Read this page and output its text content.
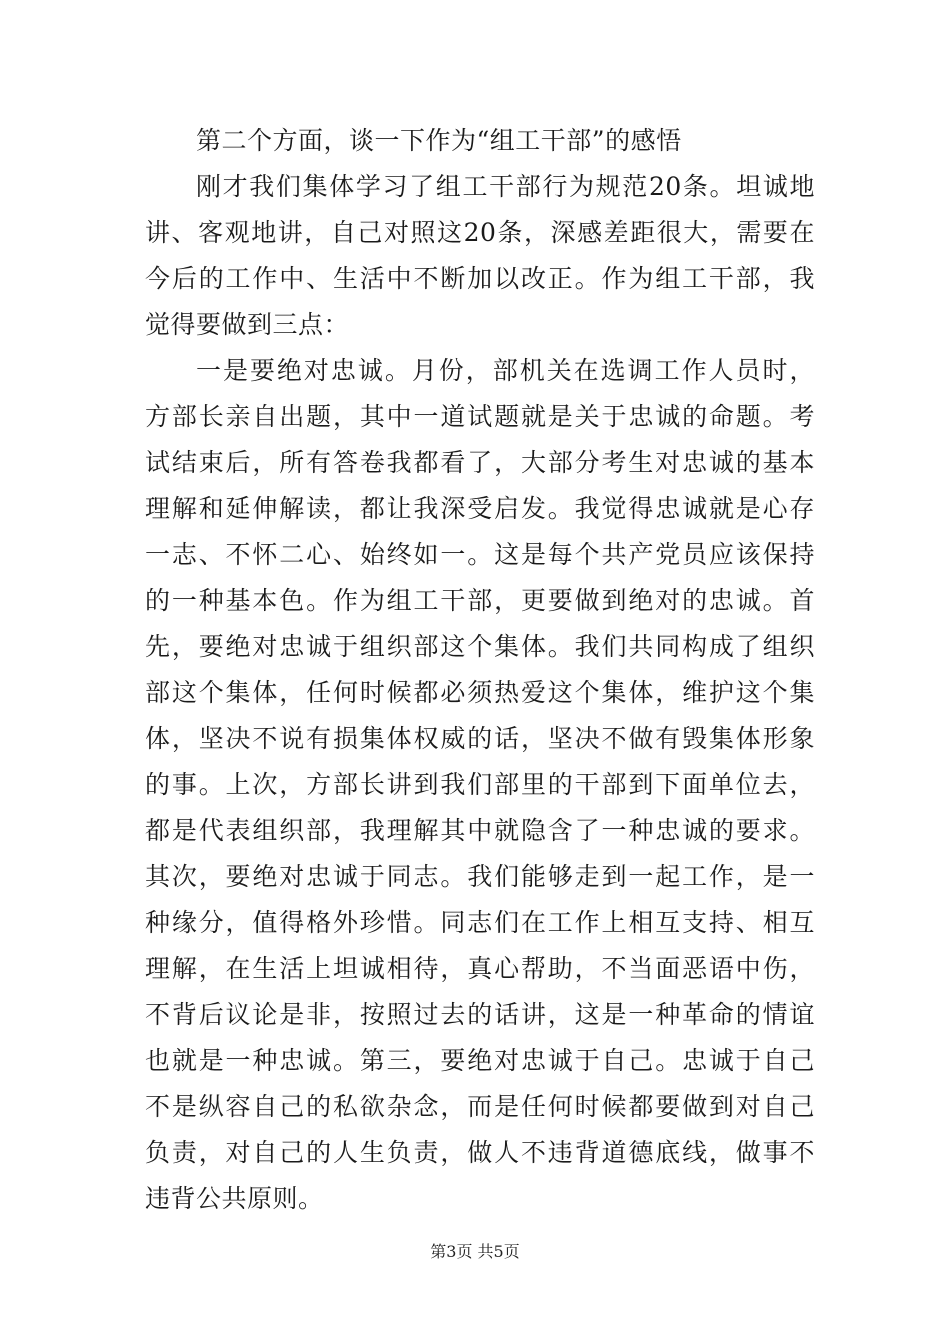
第二个方面，谈一下作为“组工干部”的感悟
刚才我们集体学习了组工干部行为规范20条。坦诚地
讲、客观地讲，自己对照这20条，深感差距很大，需要在
今后的工作中、生活中不断加以改正。作为组工干部，我
觉得要做到三点：
一是要绝对忠诚。月份，部机关在选调工作人员时，
方部长亲自出题，其中一道试题就是关于忠诚的命题。考
试结束后，所有答卷我都看了，大部分考生对忠诚的基本
理解和延伸解读，都让我深受启发。我觉得忠诚就是心存
一志、不怀二心、始终如一。这是每个共产党员应该保持
的一种基本色。作为组工干部，更要做到绝对的忠诚。首
先，要绝对忠诚于组织部这个集体。我们共同构成了组织
部这个集体，任何时候都必须热爱这个集体，维护这个集
体，坚决不说有损集体权威的话，坚决不做有毁集体形象
的事。上次，方部长讲到我们部里的干部到下面单位去，
都是代表组织部，我理解其中就隐含了一种忠诚的要求。
其次，要绝对忠诚于同志。我们能够走到一起工作，是一
种缘分，值得格外珍惜。同志们在工作上相互支持、相互
理解，在生活上坦诚相待，真心帮助，不当面恶语中伤，
不背后议论是非，按照过去的话讲，这是一种革命的情谊
也就是一种忠诚。第三，要绝对忠诚于自己。忠诚于自己
不是纵容自己的私欲杂念，而是任何时候都要做到对自己
负责，对自己的人生负责，做人不违背道德底线，做事不
违背公共原则。
第3页 共5页
